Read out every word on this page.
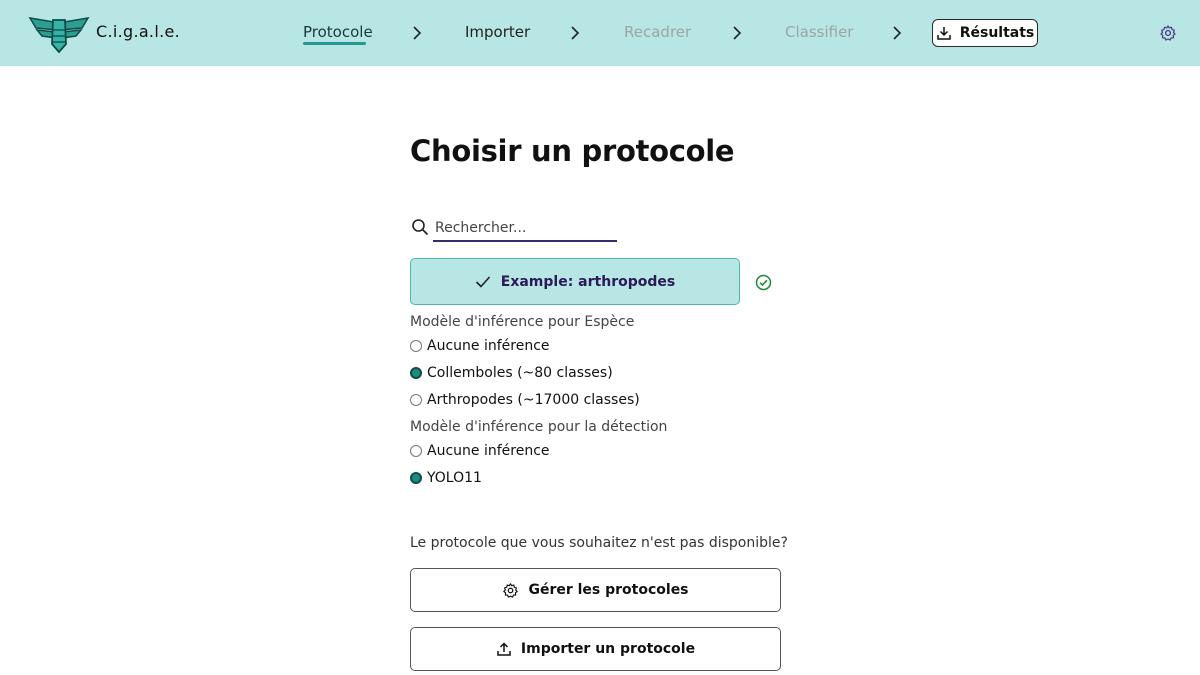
C.i.g.a.l.e.	Protocole	Importer	Recadrer	Classifier	Résultats
Choisir un protocole
Rechercher...
Example: arthropodes
Modèle d'inférence pour Espèce
Aucune inférence
Collemboles (~80 classes)
Arthropodes (~17000 classes)
Modèle d'inférence pour la détection
Aucune inférence
YOLO11
Le protocole que vous souhaitez n'est pas disponible?
Gérer les protocoles
Importer un protocole
